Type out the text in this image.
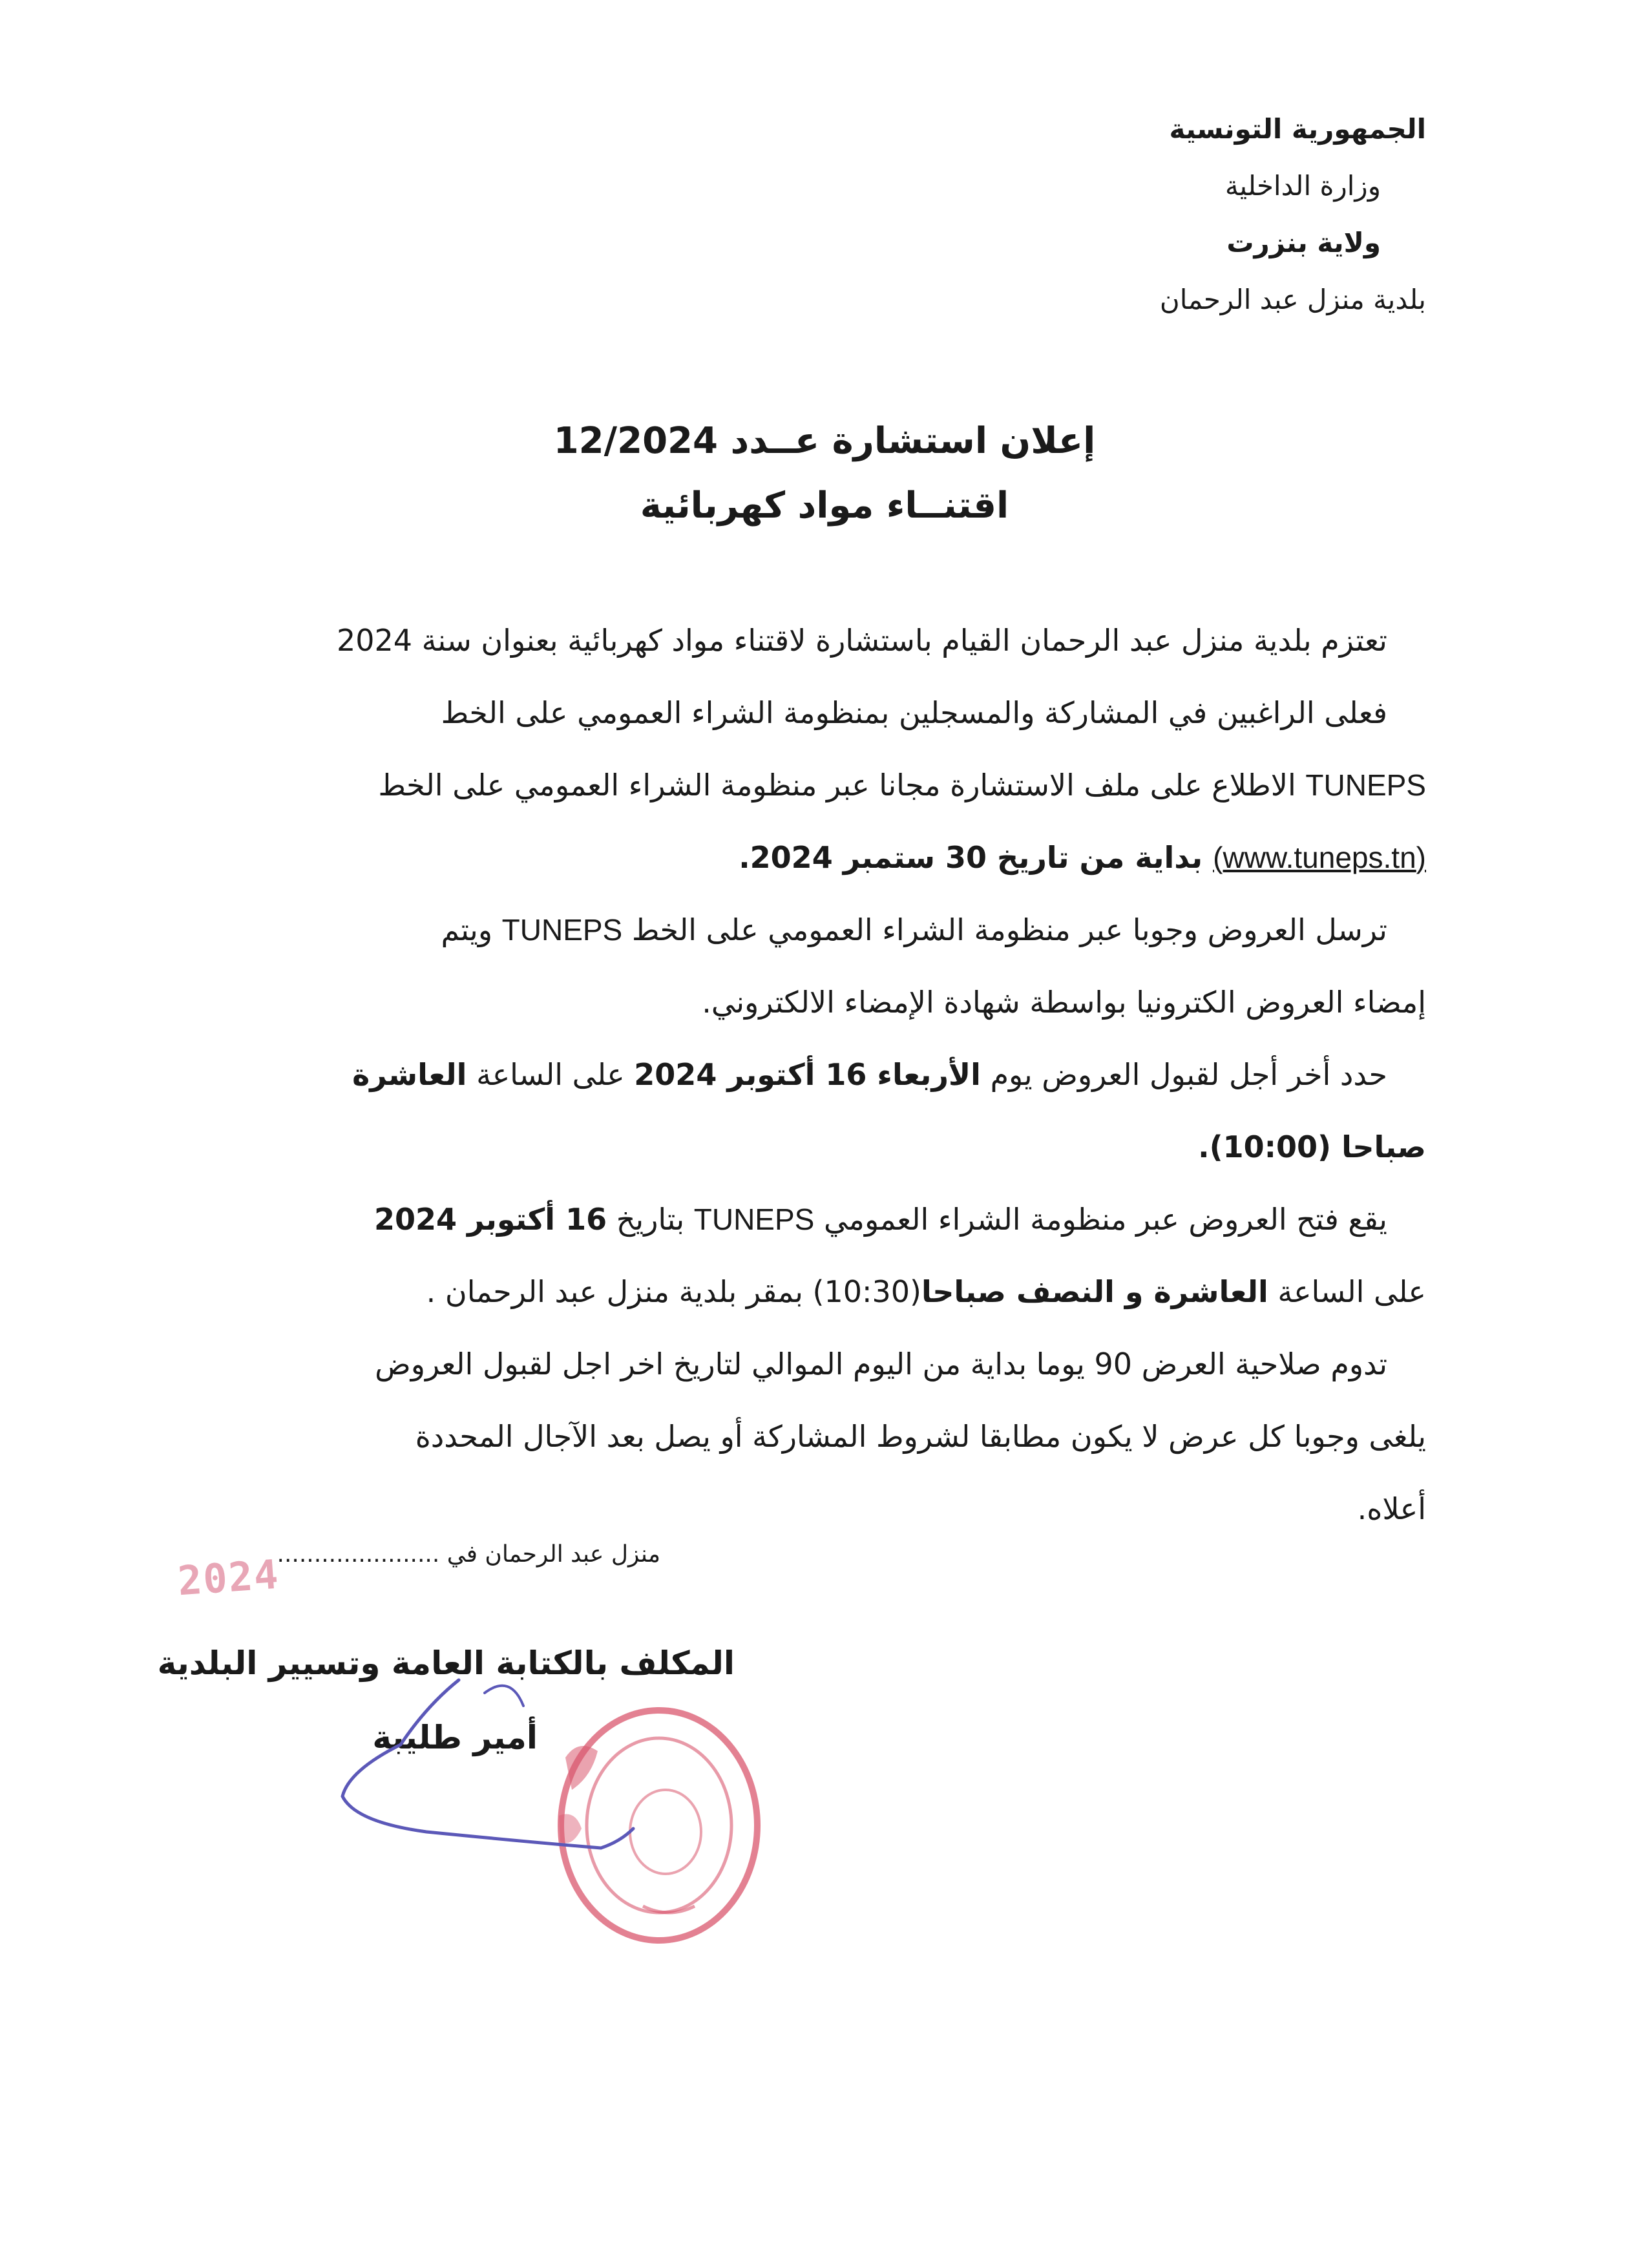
الجمهورية التونسية
وزارة الداخلية
ولاية بنزرت
بلدية منزل عبد الرحمان
إعلان استشارة عــدد 12/2024
اقتنــاء مواد كهربائية
تعتزم بلدية منزل عبد الرحمان القيام باستشارة لاقتناء مواد كهربائية بعنوان سنة 2024
فعلى الراغبين في المشاركة والمسجلين بمنظومة الشراء العمومي على الخط
TUNEPS الاطلاع على ملف الاستشارة مجانا عبر منظومة الشراء العمومي على الخط
(www.tuneps.tn) بداية من تاريخ 30 ستمبر 2024.
ترسل العروض وجوبا عبر منظومة الشراء العمومي على الخط TUNEPS ويتم
إمضاء العروض الكترونيا بواسطة شهادة الإمضاء الالكتروني.
حدد أخر أجل لقبول العروض يوم الأربعاء 16 أكتوبر 2024 على الساعة العاشرة
صباحا (10:00).
يقع فتح العروض عبر منظومة الشراء العمومي TUNEPS بتاريخ 16 أكتوبر 2024
على الساعة العاشرة و النصف صباحا(10:30) بمقر بلدية منزل عبد الرحمان .
تدوم صلاحية العرض 90 يوما بداية من اليوم الموالي لتاريخ اخر اجل لقبول العروض
يلغى وجوبا كل عرض لا يكون مطابقا لشروط المشاركة أو يصل بعد الآجال المحددة
أعلاه.
منزل عبد الرحمان في ......................
2024
المكلف بالكتابة العامة وتسيير البلدية
أمير طليبة
